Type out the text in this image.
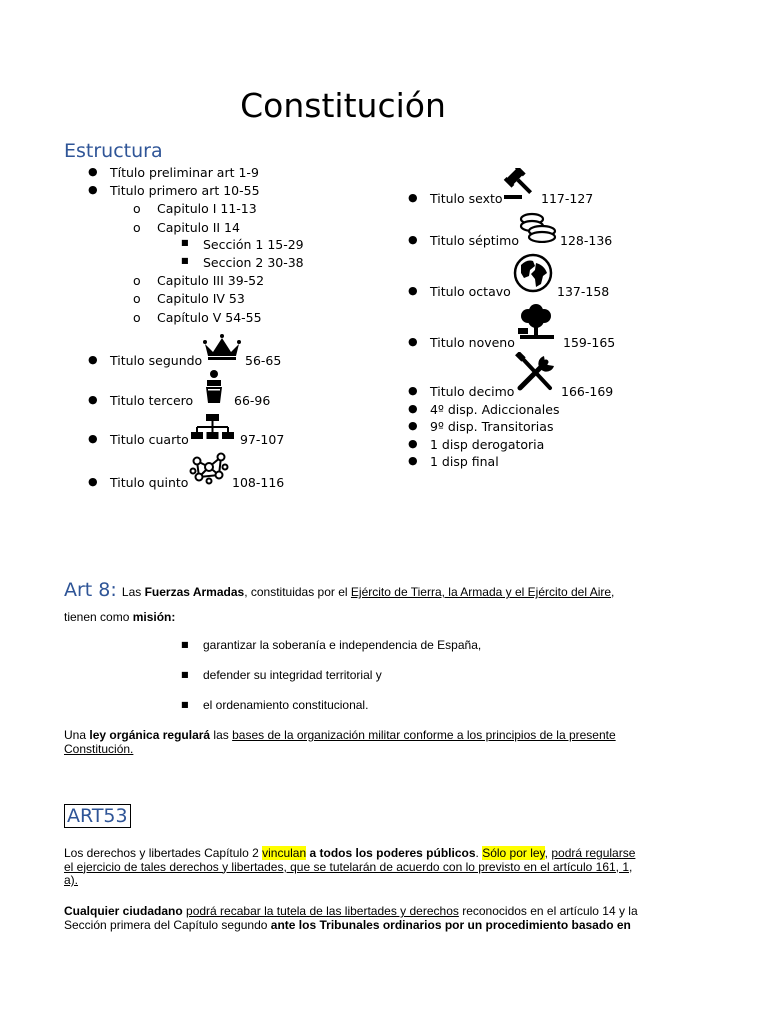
Constitución
Estructura
● Título preliminar art 1-9
● Titulo primero art 10-55
o Capitulo I 11-13
o Capitulo II 14
■ Sección 1 15-29
■ Seccion 2 30-38
o Capitulo III 39-52
o Capitulo IV 53
o Capítulo V 54-55
● Titulo segundo	56-65
● Titulo tercero	66-96
● Titulo cuarto	97-107
● Titulo quinto	108-116
● Titulo sexto	117-127
● Titulo séptimo	128-136
● Titulo octavo	137-158
● Titulo noveno	159-165
● Titulo decimo	166-169
● 4º disp. Adiccionales
● 9º disp. Transitorias
● 1 disp derogatoria
● 1 disp final
Art 8: Las Fuerzas Armadas, constituidas por el Ejército de Tierra, la Armada y el Ejército del Aire,
tienen como misión:
■ garantizar la soberanía e independencia de España,
■ defender su integridad territorial y
■ el ordenamiento constitucional.
Una ley orgánica regulará las bases de la organización militar conforme a los principios de la presente
Constitución.
ART53
Los derechos y libertades Capítulo 2 vinculan a todos los poderes públicos. Sólo por ley, podrá regularse
el ejercicio de tales derechos y libertades, que se tutelarán de acuerdo con lo previsto en el artículo 161, 1,
a).
Cualquier ciudadano podrá recabar la tutela de las libertades y derechos reconocidos en el artículo 14 y la
Sección primera del Capítulo segundo ante los Tribunales ordinarios por un procedimiento basado en
